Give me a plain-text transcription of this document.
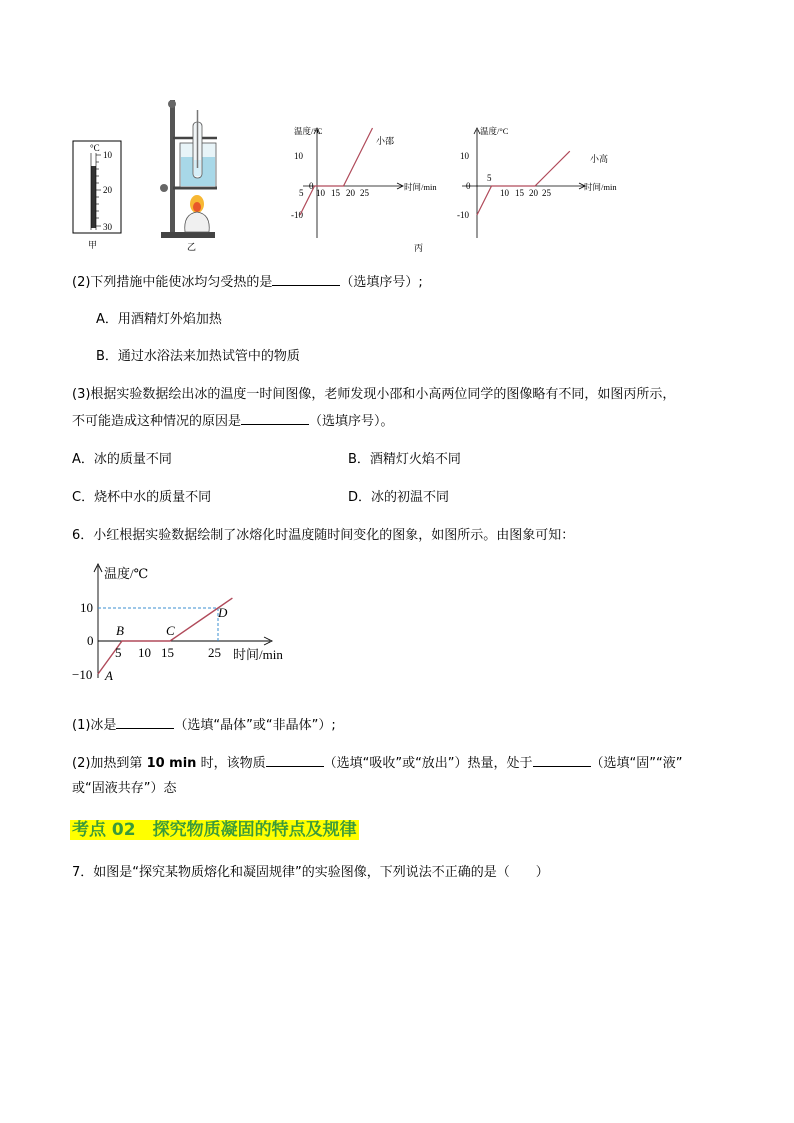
°C
10
20
30
甲	乙
温度/°C
时间/min
10
0
-10
5 10 15 20 25
小邵
丙
温度/°C
时间/min
10
0
-10
5
10 15 20 25
小高
(2)下列措施中能使冰均匀受热的是	（选填序号）;
A．用酒精灯外焰加热
B．通过水浴法来加热试管中的物质
(3)根据实验数据绘出冰的温度一时间图像，老师发现小邵和小高两位同学的图像略有不同，如图丙所示，
不可能造成这种情况的原因是	（选填序号）。
A．冰的质量不同	B．酒精灯火焰不同
C．烧杯中水的质量不同	D．冰的初温不同
6．小红根据实验数据绘制了冰熔化时温度随时间变化的图象，如图所示。由图象可知：
温度/℃
时间/min
10
0
−10
5 10 15	25
A
B	C
D
(1)冰是	（选填“晶体”或“非晶体”）;
(2)加热到第 10 min 时，该物质	（选填“吸收”或“放出”）热量，处于	（选填“固”“液”
或“固液共存”）态
考点 02　探究物质凝固的特点及规律
7．如图是“探究某物质熔化和凝固规律”的实验图像，下列说法不正确的是（　　）
